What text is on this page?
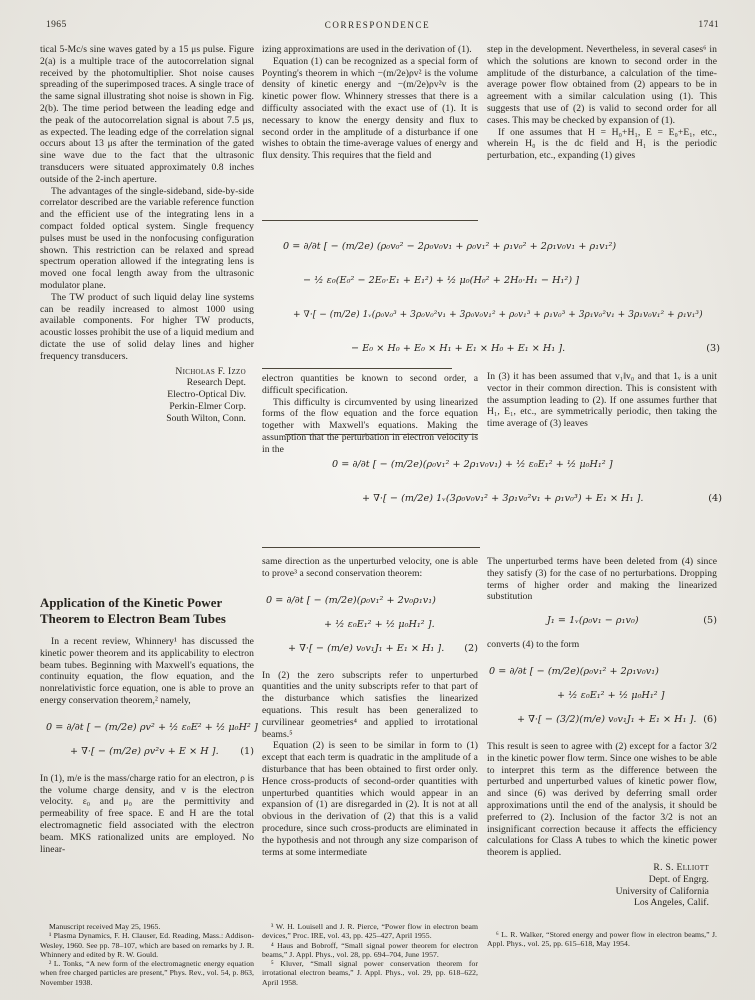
1965	CORRESPONDENCE	1741

tical 5-Mc/s sine waves gated by a 15 μs pulse. Figure 2(a) is a multiple trace of the autocorrelation signal received by the photomultiplier. Shot noise causes spreading of the superimposed traces. A single trace of the same signal illustrating shot noise is shown in Fig. 2(b). The time period between the leading edge and the peak of the autocorrelation signal is about 7.5 μs, as expected. The leading edge of the correlation signal occurs about 13 μs after the termination of the gated sine wave due to the fact that the ultrasonic transducers were situated approximately 0.8 inches outside of the 2-inch aperture.

The advantages of the single-sideband, side-by-side correlator described are the variable reference function and the efficient use of the integrating lens in a compact folded optical system. Single frequency pulses must be used in the nonfocusing configuration shown. This restriction can be relaxed and spread spectrum operation allowed if the integrating lens is moved one focal length away from the ultrasonic modulator plane.

The TW product of such liquid delay line systems can be readily increased to almost 1000 using available components. For higher TW products, acoustic losses prohibit the use of a liquid medium and dictate the use of solid delay lines and higher frequency transducers.

Nicholas F. Izzo
Research Dept.
Electro-Optical Div.
Perkin-Elmer Corp.
South Wilton, Conn.
Application of the Kinetic Power Theorem to Electron Beam Tubes

In a recent review, Whinnery¹ has discussed the kinetic power theorem and its applicability to electron beam tubes. Beginning with Maxwell's equations, the continuity equation, the flow equation, and the nonrelativistic force equation, one is able to prove an energy conservation theorem,² namely,

0 = ∂/∂t [ − (m/2e) ρv² + ½ ε₀E² + ½ μ₀H² ]
+ ∇·[ − (m/2e) ρv²v + E × H ]. (1)

In (1), m/e is the mass/charge ratio for an electron, ρ is the volume charge density, and v is the electron velocity. ε₀ and μ₀ are the permittivity and permeability of free space. E and H are the total electromagnetic field associated with the electron beam. MKS rationalized units are employed. No linear-

Manuscript received May 25, 1965.

¹ Plasma Dynamics, F. H. Clauser, Ed. Reading, Mass.: Addison-Wesley, 1960. See pp. 78–107, which are based on remarks by J. R. Whinnery and edited by R. W. Gould.

² L. Tonks, “A new form of the electromagnetic energy equation when free charged particles are present,” Phys. Rev., vol. 54, p. 863, November 1938.

izing approximations are used in the derivation of (1).

Equation (1) can be recognized as a special form of Poynting's theorem in which −(m/2e)ρv² is the volume density of kinetic energy and −(m/2e)ρv²v is the kinetic power flow. Whinnery stresses that there is a difficulty associated with the exact use of (1). It is necessary to know the energy density and flux to second order in the amplitude of a disturbance if one wishes to obtain the time-average values of energy and flux density. This requires that the field and

0 = ∂/∂t [ − (m/2e) (ρ₀v₀² − 2ρ₀v₀v₁ + ρ₀v₁² + ρ₁v₀² + 2ρ₁v₀v₁ + ρ₁v₁²)
− ½ ε₀(E₀² − 2E₀·E₁ + E₁²) + ½ μ₀(H₀² + 2H₀·H₁ − H₁²) ]
+ ∇·[ − (m/2e) 1ᵥ(ρ₀v₀³ + 3ρ₀v₀²v₁ + 3ρ₀v₀v₁² + ρ₀v₁³ + ρ₁v₀³ + 3ρ₁v₀²v₁ + 3ρ₁v₀v₁² + ρ₁v₁³)
− E₀ × H₀ + E₀ × H₁ + E₁ × H₀ + E₁ × H₁ ].	(3)

electron quantities be known to second order, a difficult specification.

This difficulty is circumvented by using linearized forms of the flow equation and the force equation together with Maxwell's equations. Making the assumption that the perturbation in electron velocity is in the

0 = ∂/∂t [ − (m/2e)(ρ₀v₁² + 2ρ₁v₀v₁) + ½ ε₀E₁² + ½ μ₀H₁² ]
+ ∇·[ − (m/2e) 1ᵥ(3ρ₀v₀v₁² + 3ρ₁v₀²v₁ + ρ₁v₀³) + E₁ × H₁ ].	(4)

same direction as the unperturbed velocity, one is able to prove³ a second conservation theorem:

0 = ∂/∂t [ − (m/2e)(ρ₀v₁² + 2v₀ρ₁v₁)
+ ½ ε₀E₁² + ½ μ₀H₁² ].
+ ∇·[ − (m/e) v₀v₁J₁ + E₁ × H₁ ]. (2)

In (2) the zero subscripts refer to unperturbed quantities and the unity subscripts refer to that part of the disturbance which satisfies the linearized equations. This result has been generalized to curvilinear geometries⁴ and applied to irrotational beams.⁵

Equation (2) is seen to be similar in form to (1) except that each term is quadratic in the amplitude of a disturbance that has been obtained to first order only. Hence cross-products of second-order quantities with unperturbed quantities which would appear in an expansion of (1) are disregarded in (2). It is not at all obvious in the derivation of (2) that this is a valid procedure, since such cross-products are eliminated in the hypothesis and not through any size comparison of terms at some intermediate

³ W. H. Louisell and J. R. Pierce, “Power flow in electron beam devices,” Proc. IRE, vol. 43, pp. 425–427, April 1955.

⁴ Haus and Bobroff, “Small signal power theorem for electron beams,” J. Appl. Phys., vol. 28, pp. 694–704, June 1957.

⁵ Kluver, “Small signal power conservation theorem for irrotational electron beams,” J. Appl. Phys., vol. 29, pp. 618–622, April 1958.

step in the development. Nevertheless, in several cases⁶ in which the solutions are known to second order in the amplitude of the disturbance, a calculation of the time-average power flow obtained from (2) appears to be in agreement with a similar calculation using (1). This suggests that use of (2) is valid to second order for all cases. This may be checked by expansion of (1).

If one assumes that H = H₀+H₁, E = E₀+E₁, etc., wherein H₀ is the dc field and H₁ is the periodic perturbation, etc., expanding (1) gives

In (3) it has been assumed that v₁‖v₀ and that 1ᵥ is a unit vector in their common direction. This is consistent with the assumption leading to (2). If one assumes further that H₁, E₁, etc., are symmetrically periodic, then taking the time average of (3) leaves

The unperturbed terms have been deleted from (4) since they satisfy (3) for the case of no perturbations. Dropping terms of higher order and making the linearized substitution

J₁ = 1ᵥ(ρ₀v₁ − ρ₁v₀)	(5)

converts (4) to the form

0 = ∂/∂t [ − (m/2e)(ρ₀v₁² + 2ρ₁v₀v₁)
+ ½ ε₀E₁² + ½ μ₀H₁² ]
+ ∇·[ − (3/2)(m/e) v₀v₁J₁ + E₁ × H₁ ]. (6)

This result is seen to agree with (2) except for a factor 3/2 in the kinetic power flow term. Since one wishes to be able to interpret this term as the difference between the perturbed and unperturbed values of kinetic power flow, and since (6) was derived by deferring small order approximations until the end of the analysis, it should be preferred to (2). Inclusion of the factor 3/2 is not an insignificant correction because it affects the efficiency calculations for Class A tubes to which the kinetic power theorem is applied.

R. S. Elliott
Dept. of Engrg.
University of California
Los Angeles, Calif.

⁶ L. R. Walker, “Stored energy and power flow in electron beams,” J. Appl. Phys., vol. 25, pp. 615–618, May 1954.
